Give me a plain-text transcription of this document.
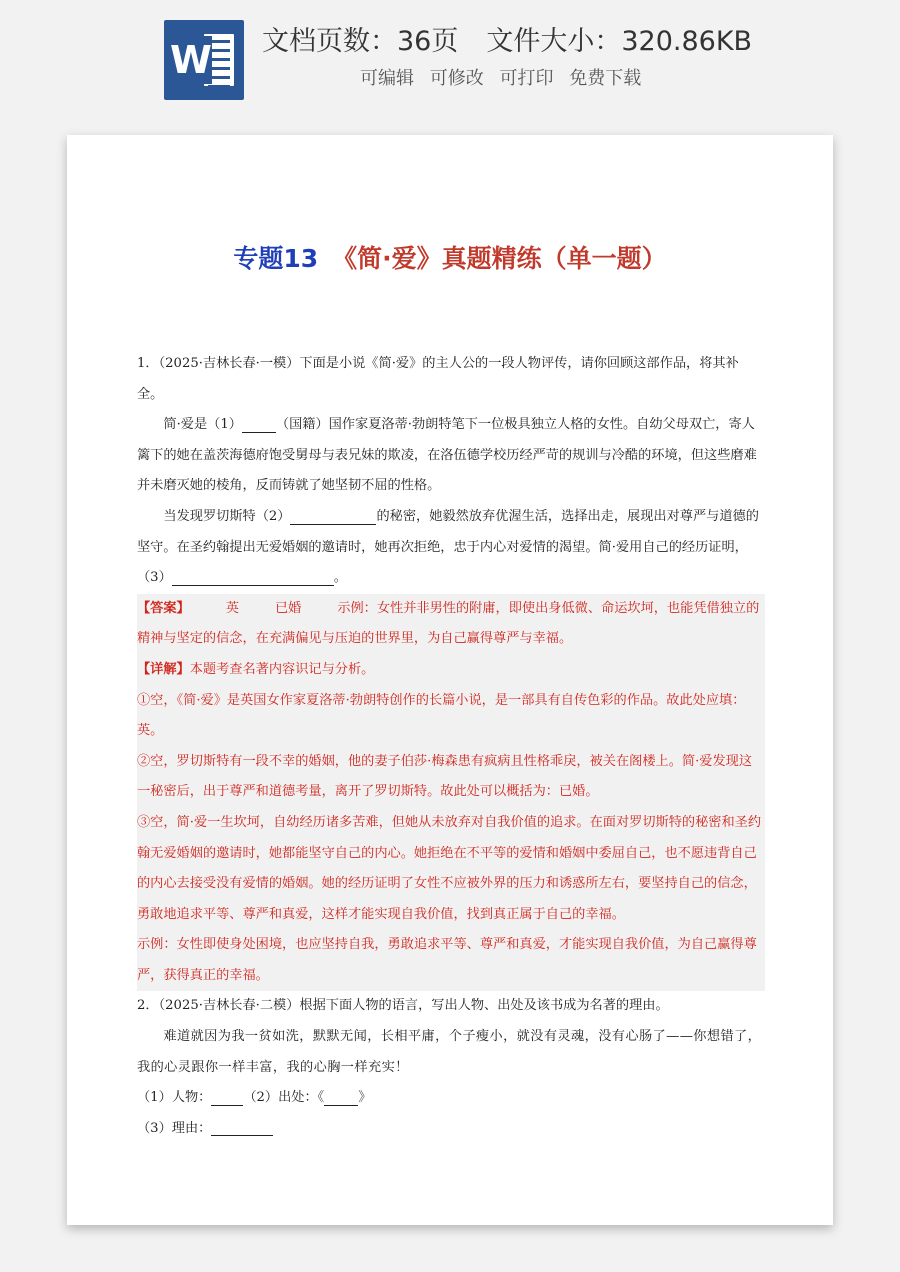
W 文档页数：36页 文件大小：320.86KB
可编辑 可修改 可打印 免费下载
专题13 《简·爱》真题精练（单一题）

1．（2025·吉林长春·一模）下面是小说《简·爱》的主人公的一段人物评传，请你回顾这部作品，将其补全。

简·爱是（1）	（国籍）国作家夏洛蒂·勃朗特笔下一位极具独立人格的女性。自幼父母双亡，寄人篱下的她在盖茨海德府饱受舅母与表兄妹的欺凌，在洛伍德学校历经严苛的规训与冷酷的环境，但这些磨难并未磨灭她的棱角，反而铸就了她坚韧不屈的性格。

当发现罗切斯特（2）	的秘密，她毅然放弃优渥生活，选择出走，展现出对尊严与道德的坚守。在圣约翰提出无爱婚姻的邀请时，她再次拒绝，忠于内心对爱情的渴望。简·爱用自己的经历证明，（3）	。

【答案】	英	已婚	示例：女性并非男性的附庸，即使出身低微、命运坎坷，也能凭借独立的精神与坚定的信念，在充满偏见与压迫的世界里，为自己赢得尊严与幸福。

【详解】本题考查名著内容识记与分析。

①空，《简·爱》是英国女作家夏洛蒂·勃朗特创作的长篇小说，是一部具有自传色彩的作品。故此处应填：英。

②空，罗切斯特有一段不幸的婚姻，他的妻子伯莎·梅森患有疯病且性格乖戾，被关在阁楼上。简·爱发现这一秘密后，出于尊严和道德考量，离开了罗切斯特。故此处可以概括为：已婚。

③空，简·爱一生坎坷，自幼经历诸多苦难，但她从未放弃对自我价值的追求。在面对罗切斯特的秘密和圣约翰无爱婚姻的邀请时，她都能坚守自己的内心。她拒绝在不平等的爱情和婚姻中委屈自己，也不愿违背自己的内心去接受没有爱情的婚姻。她的经历证明了女性不应被外界的压力和诱惑所左右，要坚持自己的信念，勇敢地追求平等、尊严和真爱，这样才能实现自我价值，找到真正属于自己的幸福。

示例：女性即使身处困境，也应坚持自我，勇敢追求平等、尊严和真爱，才能实现自我价值，为自己赢得尊严，获得真正的幸福。

2．（2025·吉林长春·二模）根据下面人物的语言，写出人物、出处及该书成为名著的理由。

难道就因为我一贫如洗，默默无闻，长相平庸，个子瘦小，就没有灵魂，没有心肠了——你想错了，我的心灵跟你一样丰富，我的心胸一样充实！

（1）人物： （2）出处：《	》

（3）理由：
